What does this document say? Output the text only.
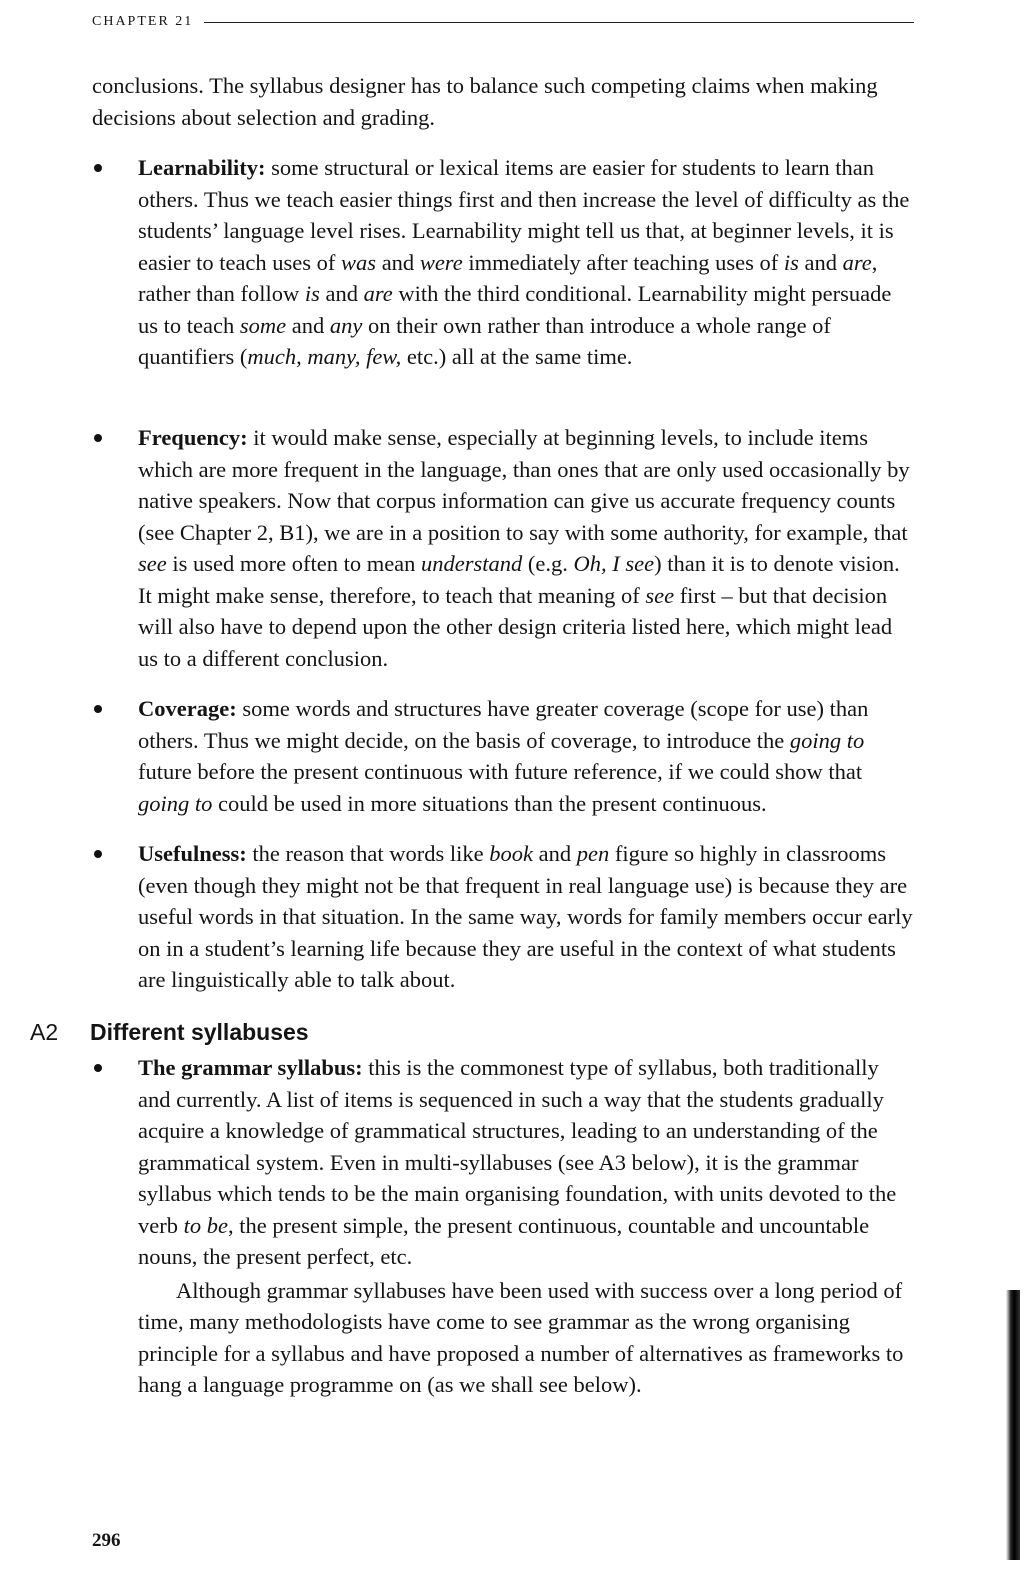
CHAPTER 21

conclusions. The syllabus designer has to balance such competing claims when making decisions about selection and grading.

Learnability: some structural or lexical items are easier for students to learn than others. Thus we teach easier things first and then increase the level of difficulty as the students’ language level rises. Learnability might tell us that, at beginner levels, it is easier to teach uses of was and were immediately after teaching uses of is and are, rather than follow is and are with the third conditional. Learnability might persuade us to teach some and any on their own rather than introduce a whole range of quantifiers (much, many, few, etc.) all at the same time.
Frequency: it would make sense, especially at beginning levels, to include items which are more frequent in the language, than ones that are only used occasionally by native speakers. Now that corpus information can give us accurate frequency counts (see Chapter 2, B1), we are in a position to say with some authority, for example, that see is used more often to mean understand (e.g. Oh, I see) than it is to denote vision. It might make sense, therefore, to teach that meaning of see first – but that decision will also have to depend upon the other design criteria listed here, which might lead us to a different conclusion.
Coverage: some words and structures have greater coverage (scope for use) than others. Thus we might decide, on the basis of coverage, to introduce the going to future before the present continuous with future reference, if we could show that going to could be used in more situations than the present continuous.
Usefulness: the reason that words like book and pen figure so highly in classrooms (even though they might not be that frequent in real language use) is because they are useful words in that situation. In the same way, words for family members occur early on in a student’s learning life because they are useful in the context of what students are linguistically able to talk about.
A2 Different syllabuses
The grammar syllabus: this is the commonest type of syllabus, both traditionally and currently. A list of items is sequenced in such a way that the students gradually acquire a knowledge of grammatical structures, leading to an understanding of the grammatical system. Even in multi-syllabuses (see A3 below), it is the grammar syllabus which tends to be the main organising foundation, with units devoted to the verb to be, the present simple, the present continuous, countable and uncountable nouns, the present perfect, etc.
Although grammar syllabuses have been used with success over a long period of time, many methodologists have come to see grammar as the wrong organising principle for a syllabus and have proposed a number of alternatives as frameworks to hang a language programme on (as we shall see below).
296
